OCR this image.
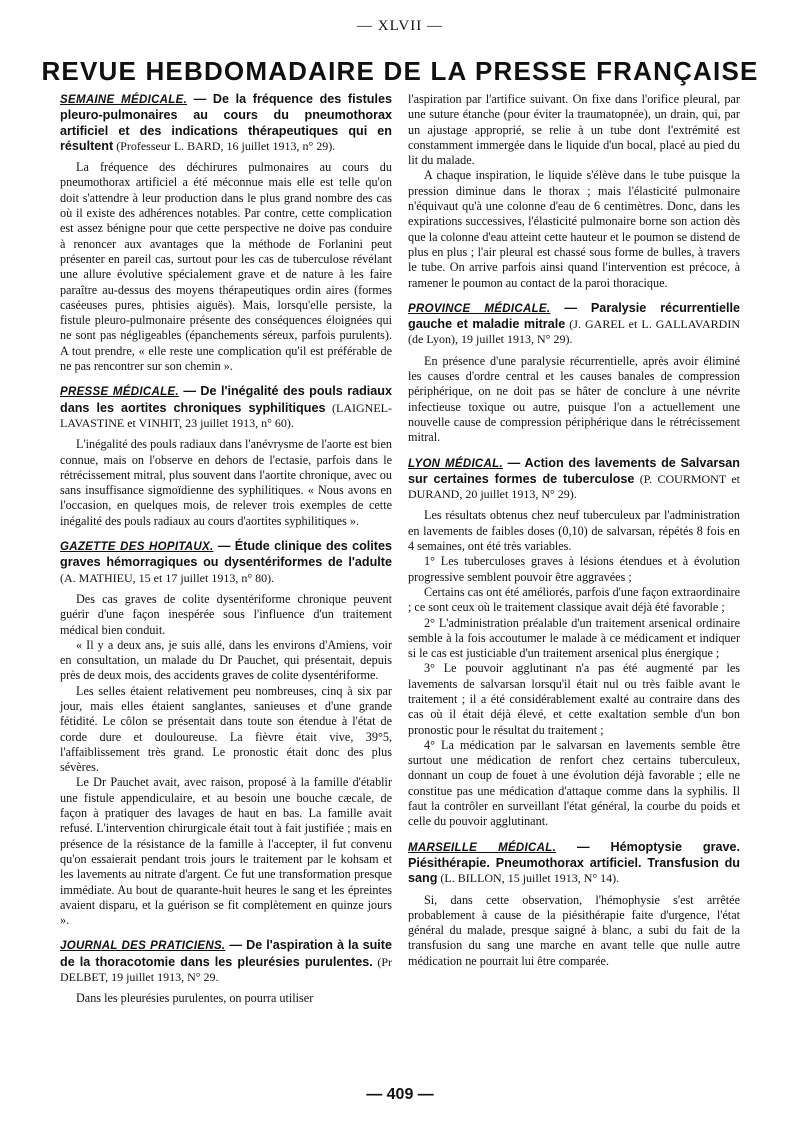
— XLVII —
REVUE HEBDOMADAIRE DE LA PRESSE FRANÇAISE

SEMAINE MÉDICALE. — De la fréquence des fistules pleuro-pulmonaires au cours du pneumothorax artificiel et des indications thérapeutiques qui en résultent (Professeur L. BARD, 16 juillet 1913, n° 29).

La fréquence des déchirures pulmonaires au cours du pneumothorax artificiel a été méconnue mais elle est telle qu'on doit s'attendre à leur production dans le plus grand nombre des cas où il existe des adhérences notables. Par contre, cette complication est assez bénigne pour que cette perspective ne doive pas conduire à renoncer aux avantages que la méthode de Forlanini peut présenter en pareil cas, surtout pour les cas de tuberculose révélant une allure évolutive spécialement grave et de nature à les faire paraître au-dessus des moyens thérapeutiques ordin aires (formes caséeuses pures, phtisies aiguës). Mais, lorsqu'elle persiste, la fistule pleuro-pulmonaire présente des conséquences éloignées qui ne sont pas négligeables (épanchements séreux, parfois purulents). A tout prendre, « elle reste une complication qu'il est préférable de ne pas rencontrer sur son chemin ».

PRESSE MÉDICALE. — De l'inégalité des pouls radiaux dans les aortites chroniques syphilitiques (LAIGNEL-LAVASTINE et VINHIT, 23 juillet 1913, n° 60).

L'inégalité des pouls radiaux dans l'anévrysme de l'aorte est bien connue, mais on l'observe en dehors de l'ectasie, parfois dans le rétrécissement mitral, plus souvent dans l'aortite chronique, avec ou sans insuffisance sigmoïdienne des syphilitiques. « Nous avons en l'occasion, en quelques mois, de relever trois exemples de cette inégalité des pouls radiaux au cours d'aortites syphilitiques ».

GAZETTE DES HOPITAUX. — Étude clinique des colites graves hémorragiques ou dysentériformes de l'adulte (A. MATHIEU, 15 et 17 juillet 1913, n° 80).

Des cas graves de colite dysentériforme chronique peuvent guérir d'une façon inespérée sous l'influence d'un traitement médical bien conduit.

« Il y a deux ans, je suis allé, dans les environs d'Amiens, voir en consultation, un malade du Dr Pauchet, qui présentait, depuis près de deux mois, des accidents graves de colite dysentériforme.

Les selles étaient relativement peu nombreuses, cinq à six par jour, mais elles étaient sanglantes, sanieuses et d'une grande fétidité. Le côlon se présentait dans toute son étendue à l'état de corde dure et douloureuse. La fièvre était vive, 39°5, l'affaiblissement très grand. Le pronostic était donc des plus sévères.

Le Dr Pauchet avait, avec raison, proposé à la famille d'établir une fistule appendiculaire, et au besoin une bouche cæcale, de façon à pratiquer des lavages de haut en bas. La famille avait refusé. L'intervention chirurgicale était tout à fait justifiée ; mais en présence de la résistance de la famille à l'accepter, il fut convenu qu'on essaierait pendant trois jours le traitement par le kohsam et les lavements au nitrate d'argent. Ce fut une transformation presque immédiate. Au bout de quarante-huit heures le sang et les épreintes avaient disparu, et la guérison se fit complètement en quinze jours ».

JOURNAL DES PRATICIENS. — De l'aspiration à la suite de la thoracotomie dans les pleurésies purulentes. (Pr DELBET, 19 juillet 1913, N° 29.

Dans les pleurésies purulentes, on pourra utiliser

l'aspiration par l'artifice suivant. On fixe dans l'orifice pleural, par une suture étanche (pour éviter la traumatopnée), un drain, qui, par un ajustage approprié, se relie à un tube dont l'extrémité est constamment immergée dans le liquide d'un bocal, placé au pied du lit du malade.

A chaque inspiration, le liquide s'élève dans le tube puisque la pression diminue dans le thorax ; mais l'élasticité pulmonaire n'équivaut qu'à une colonne d'eau de 6 centimètres. Donc, dans les expirations successives, l'élasticité pulmonaire borne son action dès que la colonne d'eau atteint cette hauteur et le poumon se distend de plus en plus ; l'air pleural est chassé sous forme de bulles, à travers le tube. On arrive parfois ainsi quand l'intervention est précoce, à ramener le poumon au contact de la paroi thoracique.

PROVINCE MÉDICALE. — Paralysie récurrentielle gauche et maladie mitrale (J. GAREL et L. GALLAVARDIN (de Lyon), 19 juillet 1913, N° 29).

En présence d'une paralysie récurrentielle, après avoir éliminé les causes d'ordre central et les causes banales de compression périphérique, on ne doit pas se hâter de conclure à une névrite infectieuse toxique ou autre, puisque l'on a actuellement une nouvelle cause de compression périphérique dans le rétrécissement mitral.

LYON MÉDICAL. — Action des lavements de Salvarsan sur certaines formes de tuberculose (P. COURMONT et DURAND, 20 juillet 1913, N° 29).

Les résultats obtenus chez neuf tuberculeux par l'administration en lavements de faibles doses (0,10) de salvarsan, répétés 8 fois en 4 semaines, ont été très variables.

1° Les tuberculoses graves à lésions étendues et à évolution progressive semblent pouvoir être aggravées ;

Certains cas ont été améliorés, parfois d'une façon extraordinaire ; ce sont ceux où le traitement classique avait déjà été favorable ;

2° L'administration préalable d'un traitement arsenical ordinaire semble à la fois accoutumer le malade à ce médicament et indiquer si le cas est justiciable d'un traitement arsenical plus énergique ;

3° Le pouvoir agglutinant n'a pas été augmenté par les lavements de salvarsan lorsqu'il était nul ou très faible avant le traitement ; il a été considérablement exalté au contraire dans des cas où il était déjà élevé, et cette exaltation semble d'un bon pronostic pour le résultat du traitement ;

4° La médication par le salvarsan en lavements semble être surtout une médication de renfort chez certains tuberculeux, donnant un coup de fouet à une évolution déjà favorable ; elle ne constitue pas une médication d'attaque comme dans la syphilis. Il faut la contrôler en surveillant l'état général, la courbe du poids et celle du pouvoir agglutinant.

MARSEILLE MÉDICAL. — Hémoptysie grave. Piésithérapie. Pneumothorax artificiel. Transfusion du sang (L. BILLON, 15 juillet 1913, N° 14).

Si, dans cette observation, l'hémophysie s'est arrêtée probablement à cause de la piésithérapie faite d'urgence, l'état général du malade, presque saigné à blanc, a subi du fait de la transfusion du sang une marche en avant telle que nulle autre médication ne pourrait lui être comparée.

— 409 —
